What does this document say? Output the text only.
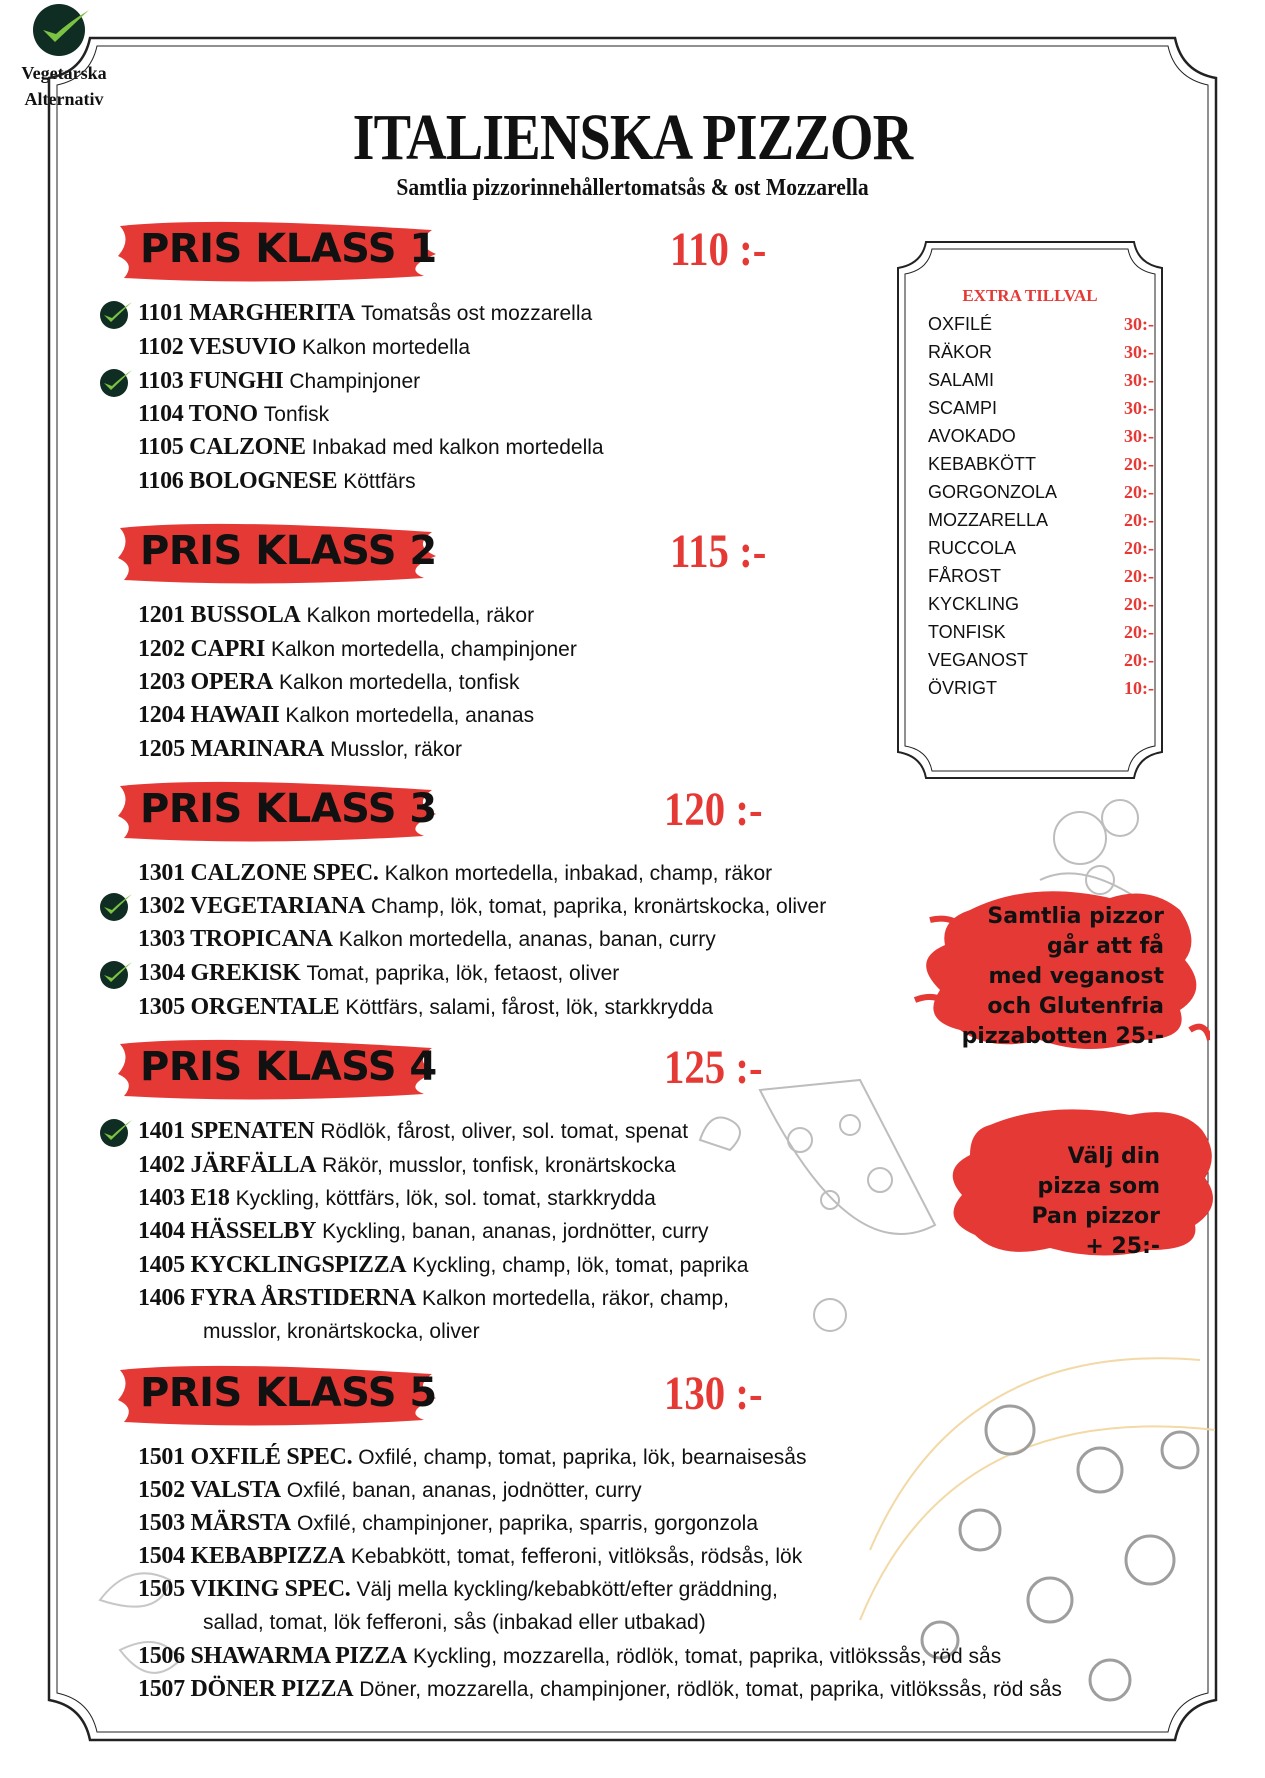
ITALIENSKA PIZZOR
Samtlia pizzorinnehållertomatsås & ost Mozzarella
Vegetarska
Alternativ
PRIS KLASS 1	110 :-
PRIS KLASS 2	115 :-
PRIS KLASS 3	120 :-
PRIS KLASS 4	125 :-
PRIS KLASS 5	130 :-
1101 MARGHERITA Tomatsås ost mozzarella
1102 VESUVIO Kalkon mortedella
1103 FUNGHI Champinjoner
1104 TONO Tonfisk
1105 CALZONE Inbakad med kalkon mortedella
1106 BOLOGNESE Köttfärs
1201 BUSSOLA Kalkon mortedella, räkor
1202 CAPRI Kalkon mortedella, champinjoner
1203 OPERA Kalkon mortedella, tonfisk
1204 HAWAII Kalkon mortedella, ananas
1205 MARINARA Musslor, räkor
1301 CALZONE SPEC. Kalkon mortedella, inbakad, champ, räkor
1302 VEGETARIANA Champ, lök, tomat, paprika, kronärtskocka, oliver
1303 TROPICANA Kalkon mortedella, ananas, banan, curry
1304 GREKISK Tomat, paprika, lök, fetaost, oliver
1305 ORGENTALE Köttfärs, salami, fårost, lök, starkkrydda
1401 SPENATEN Rödlök, fårost, oliver, sol. tomat, spenat
1402 JÄRFÄLLA Räkör, musslor, tonfisk, kronärtskocka
1403 E18 Kyckling, köttfärs, lök, sol. tomat, starkkrydda
1404 HÄSSELBY Kyckling, banan, ananas, jordnötter, curry
1405 KYCKLINGSPIZZA Kyckling, champ, lök, tomat, paprika
1406 FYRA ÅRSTIDERNA Kalkon mortedella, räkor, champ,
musslor, kronärtskocka, oliver
1501 OXFILÉ SPEC. Oxfilé, champ, tomat, paprika, lök, bearnaisesås
1502 VALSTA Oxfilé, banan, ananas, jodnötter, curry
1503 MÄRSTA Oxfilé, champinjoner, paprika, sparris, gorgonzola
1504 KEBABPIZZA Kebabkött, tomat, fefferoni, vitlöksås, rödsås, lök
1505 VIKING SPEC. Välj mella kyckling/kebabkött/efter gräddning,
sallad, tomat, lök fefferoni, sås (inbakad eller utbakad)
1506 SHAWARMA PIZZA Kyckling, mozzarella, rödlök, tomat, paprika, vitlökssås, röd sås
1507 DÖNER PIZZA Döner, mozzarella, champinjoner, rödlök, tomat, paprika, vitlökssås, röd sås
EXTRA TILLVAL
OXFILÉ	30:-
RÄKOR	30:-
SALAMI	30:-
SCAMPI	30:-
AVOKADO	30:-
KEBABKÖTT	20:-
GORGONZOLA	20:-
MOZZARELLA	20:-
RUCCOLA	20:-
FÅROST	20:-
KYCKLING	20:-
TONFISK	20:-
VEGANOST	20:-
ÖVRIGT	10:-
Samtlia pizzor
går att få
med veganost
och Glutenfria
pizzabotten 25:-
Välj din
pizza som
Pan pizzor
+ 25:-
